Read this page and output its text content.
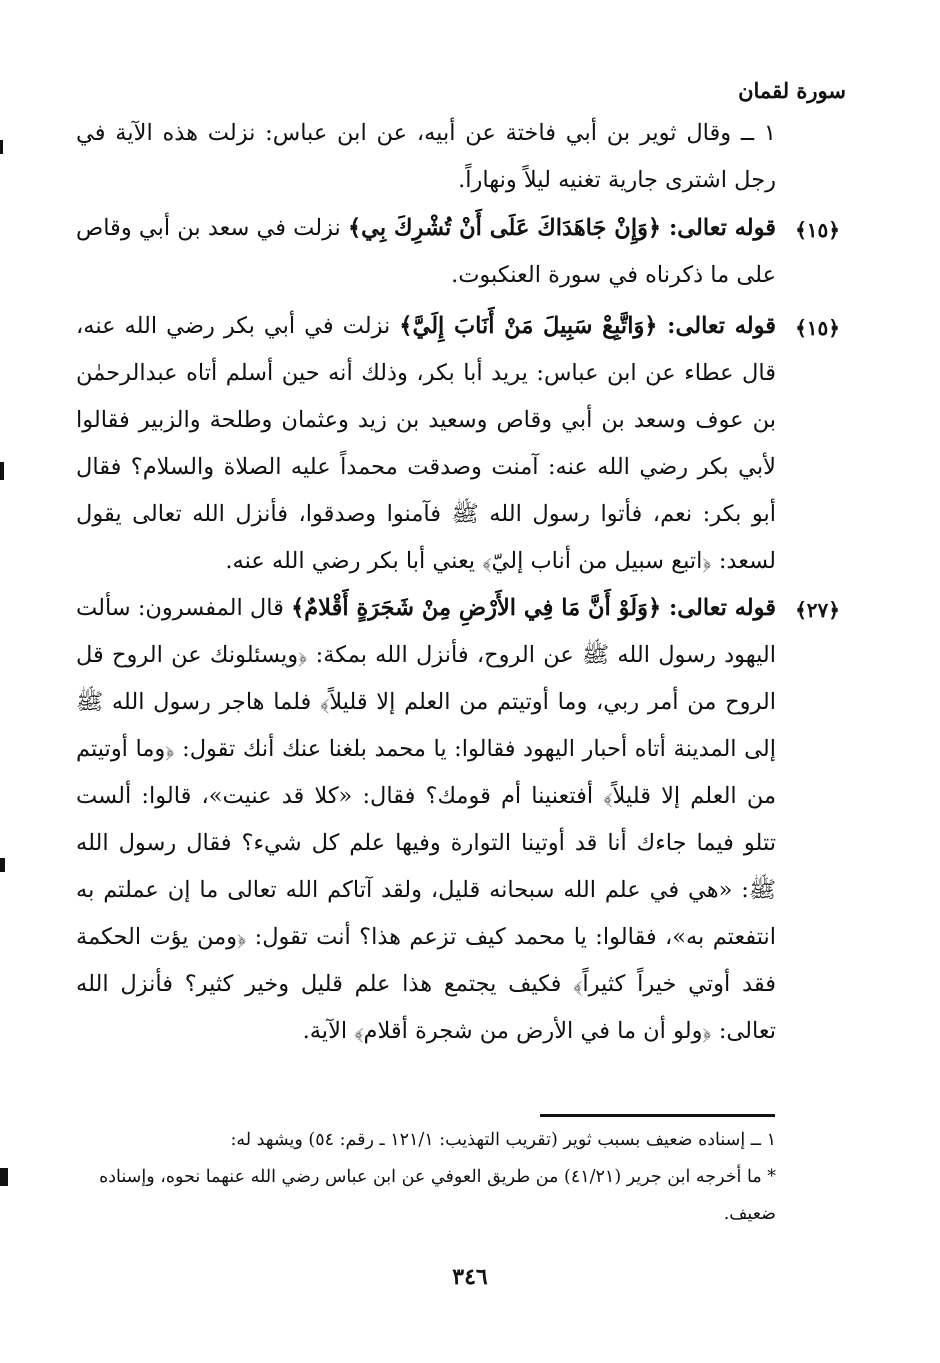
سورة لقمان

١ ــ وقال ثوير بن أبي فاختة عن أبيه، عن ابن عباس: نزلت هذه الآية في رجل اشترى جارية تغنيه ليلاً ونهاراً.

﴿١٥﴾

قوله تعالى: ﴿وَإِنْ جَاهَدَاكَ عَلَى أَنْ تُشْرِكَ بِي﴾ نزلت في سعد بن أبي وقاص على ما ذكرناه في سورة العنكبوت.

﴿١٥﴾

قوله تعالى: ﴿وَاتَّبِعْ سَبِيلَ مَنْ أَنَابَ إِلَيَّ﴾ نزلت في أبي بكر رضي الله عنه، قال عطاء عن ابن عباس: يريد أبا بكر، وذلك أنه حين أسلم أتاه عبدالرحمٰن بن عوف وسعد بن أبي وقاص وسعيد بن زيد وعثمان وطلحة والزبير فقالوا لأبي بكر رضي الله عنه: آمنت وصدقت محمداً عليه الصلاة والسلام؟ فقال أبو بكر: نعم، فأتوا رسول الله ﷺ فآمنوا وصدقوا، فأنزل الله تعالى يقول لسعد: ﴿اتبع سبيل من أناب إليّ﴾ يعني أبا بكر رضي الله عنه.

﴿٢٧﴾

قوله تعالى: ﴿وَلَوْ أَنَّ مَا فِي الأَرْضِ مِنْ شَجَرَةٍ أَقْلامٌ﴾ قال المفسرون: سألت اليهود رسول الله ﷺ عن الروح، فأنزل الله بمكة: ﴿ويسئلونك عن الروح قل الروح من أمر ربي، وما أوتيتم من العلم إلا قليلاً﴾ فلما هاجر رسول الله ﷺ إلى المدينة أتاه أحبار اليهود فقالوا: يا محمد بلغنا عنك أنك تقول: ﴿وما أوتيتم من العلم إلا قليلاً﴾ أفتعنينا أم قومك؟ فقال: «كلا قد عنيت»، قالوا: ألست تتلو فيما جاءك أنا قد أوتينا التوارة وفيها علم كل شيء؟ فقال رسول الله ﷺ: «هي في علم الله سبحانه قليل، ولقد آتاكم الله تعالى ما إن عملتم به انتفعتم به»، فقالوا: يا محمد كيف تزعم هذا؟ أنت تقول: ﴿ومن يؤت الحكمة فقد أوتي خيراً كثيراً﴾ فكيف يجتمع هذا علم قليل وخير كثير؟ فأنزل الله تعالى: ﴿ولو أن ما في الأرض من شجرة أقلام﴾ الآية.

١ ــ إسناده ضعيف بسبب ثوير (تقريب التهذيب: ١٢١/١ ـ رقم: ٥٤) ويشهد له:

* ما أخرجه ابن جرير (٤١/٢١) من طريق العوفي عن ابن عباس رضي الله عنهما نحوه، وإسناده ضعيف.

٣٤٦
